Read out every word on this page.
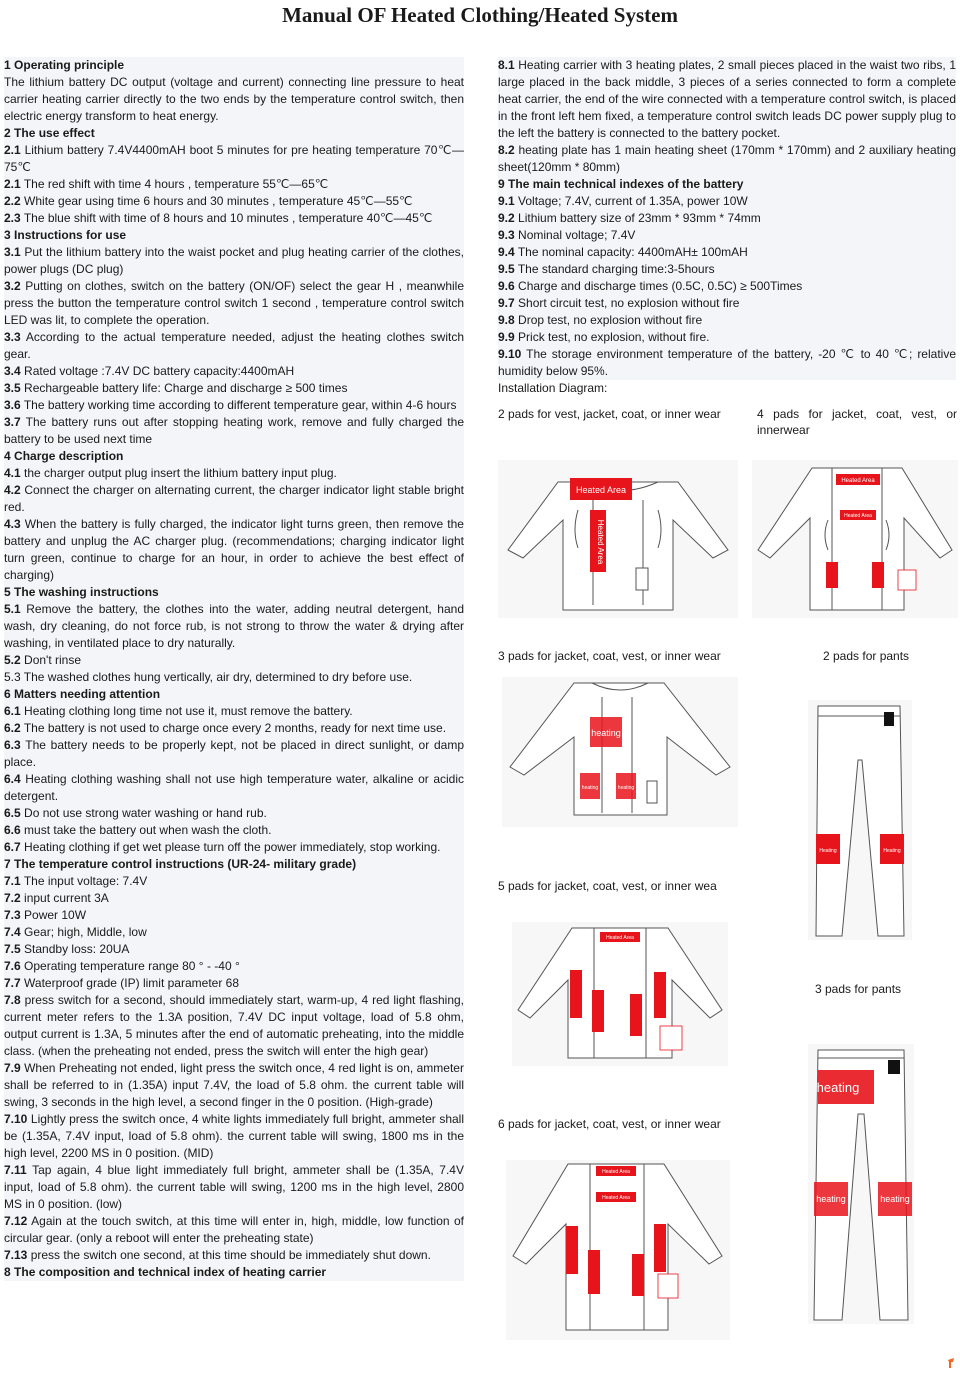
Manual OF Heated Clothing/Heated System

1 Operating principle

The lithium battery DC output (voltage and current) connecting line pressure to heat carrier heating carrier directly to the two ends by the temperature control switch, then electric energy transform to heat energy.

2 The use effect

2.1 Lithium battery 7.4V4400mAH boot 5 minutes for pre heating temperature 70℃—75℃

2.1 The red shift with time 4 hours , temperature 55℃—65℃

2.2 White gear using time 6 hours and 30 minutes , temperature 45℃—55℃

2.3 The blue shift with time of 8 hours and 10 minutes , temperature 40℃—45℃

3 Instructions for use

3.1 Put the lithium battery into the waist pocket and plug heating carrier of the clothes, power plugs (DC plug)

3.2 Putting on clothes, switch on the battery (ON/OF) select the gear H , meanwhile press the button the temperature control switch 1 second , temperature control switch LED was lit, to complete the operation.

3.3 According to the actual temperature needed, adjust the heating clothes switch gear.

3.4 Rated voltage :7.4V DC battery capacity:4400mAH

3.5 Rechargeable battery life: Charge and discharge ≥ 500 times

3.6 The battery working time according to different temperature gear, within 4-6 hours

3.7 The battery runs out after stopping heating work, remove and fully charged the battery to be used next time

4 Charge description

4.1 the charger output plug insert the lithium battery input plug.

4.2 Connect the charger on alternating current, the charger indicator light stable bright red.

4.3 When the battery is fully charged, the indicator light turns green, then remove the battery and unplug the AC charger plug. (recommendations; charging indicator light turn green, continue to charge for an hour, in order to achieve the best effect of charging)

5 The washing instructions

5.1 Remove the battery, the clothes into the water, adding neutral detergent, hand wash, dry cleaning, do not force rub, is not strong to throw the water & drying after washing, in ventilated place to dry naturally.

5.2 Don't rinse

5.3 The washed clothes hung vertically, air dry, determined to dry before use.

6 Matters needing attention

6.1 Heating clothing long time not use it, must remove the battery.

6.2 The battery is not used to charge once every 2 months, ready for next time use.

6.3 The battery needs to be properly kept, not be placed in direct sunlight, or damp place.

6.4 Heating clothing washing shall not use high temperature water, alkaline or acidic detergent.

6.5 Do not use strong water washing or hand rub.

6.6 must take the battery out when wash the cloth.

6.7 Heating clothing if get wet please turn off the power immediately, stop working.

7 The temperature control instructions (UR-24- military grade)

7.1 The input voltage: 7.4V

7.2 input current 3A

7.3 Power 10W

7.4 Gear; high, Middle, low

7.5 Standby loss: 20UA

7.6 Operating temperature range 80 ° - -40 °

7.7 Waterproof grade (IP) limit parameter 68

7.8 press switch for a second, should immediately start, warm-up, 4 red light flashing, current meter refers to the 1.3A position, 7.4V DC input voltage, load of 5.8 ohm, output current is 1.3A, 5 minutes after the end of automatic preheating, into the middle class. (when the preheating not ended, press the switch will enter the high gear)

7.9 When Preheating not ended, light press the switch once, 4 red light is on, ammeter shall be referred to in (1.35A) input 7.4V, the load of 5.8 ohm. the current table will swing, 3 seconds in the high level, a second finger in the 0 position. (High-grade)

7.10 Lightly press the switch once, 4 white lights immediately full bright, ammeter shall be (1.35A, 7.4V input, load of 5.8 ohm). the current table will swing, 1800 ms in the high level, 2200 MS in 0 position. (MID)

7.11 Tap again, 4 blue light immediately full bright, ammeter shall be (1.35A, 7.4V input, load of 5.8 ohm). the current table will swing, 1200 ms in the high level, 2800 MS in 0 position. (low)

7.12 Again at the touch switch, at this time will enter in, high, middle, low function of circular gear. (only a reboot will enter the preheating state)

7.13 press the switch one second, at this time should be immediately shut down.

8 The composition and technical index of heating carrier

8.1 Heating carrier with 3 heating plates, 2 small pieces placed in the waist two ribs, 1 large placed in the back middle, 3 pieces of a series connected to form a complete heat carrier, the end of the wire connected with a temperature control switch, is placed in the front left hem fixed, a temperature control switch leads DC power supply plug to the left the battery is connected to the battery pocket.

8.2 heating plate has 1 main heating sheet (170mm * 170mm) and 2 auxiliary heating sheet(120mm * 80mm)

9 The main technical indexes of the battery

9.1 Voltage; 7.4V, current of 1.35A, power 10W

9.2 Lithium battery size of 23mm * 93mm * 74mm

9.3 Nominal voltage; 7.4V

9.4 The nominal capacity: 4400mAH± 100mAH

9.5 The standard charging time:3-5hours

9.6 Charge and discharge times (0.5C, 0.5C) ≥ 500Times

9.7 Short circuit test, no explosion without fire

9.8 Drop test, no explosion without fire

9.9 Prick test, no explosion, without fire.

9.10 The storage environment temperature of the battery, -20 ℃ to 40 ℃; relative humidity below 95%.

Installation Diagram:

2 pads for vest, jacket, coat, or inner wear	4 pads for jacket, coat, vest, or innerwear
3 pads for jacket, coat, vest, or inner wear	2 pads for pants
5 pads for jacket, coat, vest, or inner wea
3 pads for pants
6 pads for jacket, coat, vest, or inner wear
Heated Area
Heated Area
Heated Area
Heated Area
heating
heating	heating
Heating	Heating
Heated Area
heating
heating	heating
Heated Area
Heated Area
